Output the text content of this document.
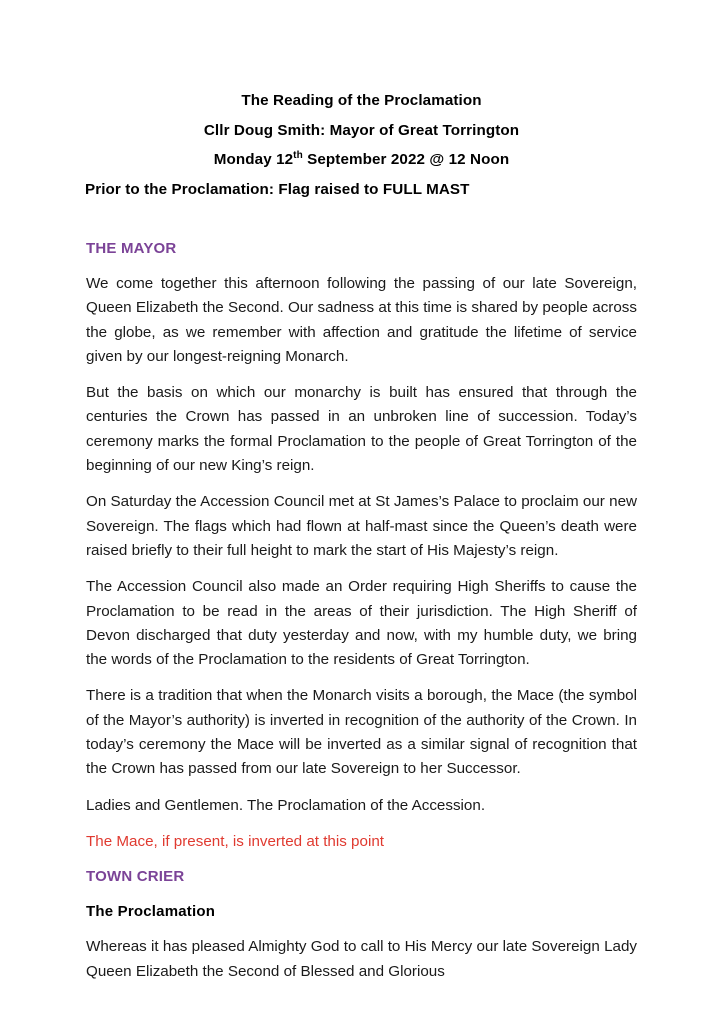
The Reading of the Proclamation
Cllr Doug Smith: Mayor of Great Torrington
Monday 12th September 2022 @ 12 Noon
Prior to the Proclamation: Flag raised to FULL MAST
THE MAYOR

We come together this afternoon following the passing of our late Sovereign, Queen Elizabeth the Second. Our sadness at this time is shared by people across the globe, as we remember with affection and gratitude the lifetime of service given by our longest-reigning Monarch.

But the basis on which our monarchy is built has ensured that through the centuries the Crown has passed in an unbroken line of succession. Today’s ceremony marks the formal Proclamation to the people of Great Torrington of the beginning of our new King’s reign.

On Saturday the Accession Council met at St James’s Palace to proclaim our new Sovereign. The flags which had flown at half-mast since the Queen’s death were raised briefly to their full height to mark the start of His Majesty’s reign.

The Accession Council also made an Order requiring High Sheriffs to cause the Proclamation to be read in the areas of their jurisdiction. The High Sheriff of Devon discharged that duty yesterday and now, with my humble duty, we bring the words of the Proclamation to the residents of Great Torrington.

There is a tradition that when the Monarch visits a borough, the Mace (the symbol of the Mayor’s authority) is inverted in recognition of the authority of the Crown. In today’s ceremony the Mace will be inverted as a similar signal of recognition that the Crown has passed from our late Sovereign to her Successor.

Ladies and Gentlemen. The Proclamation of the Accession.

The Mace, if present, is inverted at this point

TOWN CRIER
The Proclamation

Whereas it has pleased Almighty God to call to His Mercy our late Sovereign Lady Queen Elizabeth the Second of Blessed and Glorious
